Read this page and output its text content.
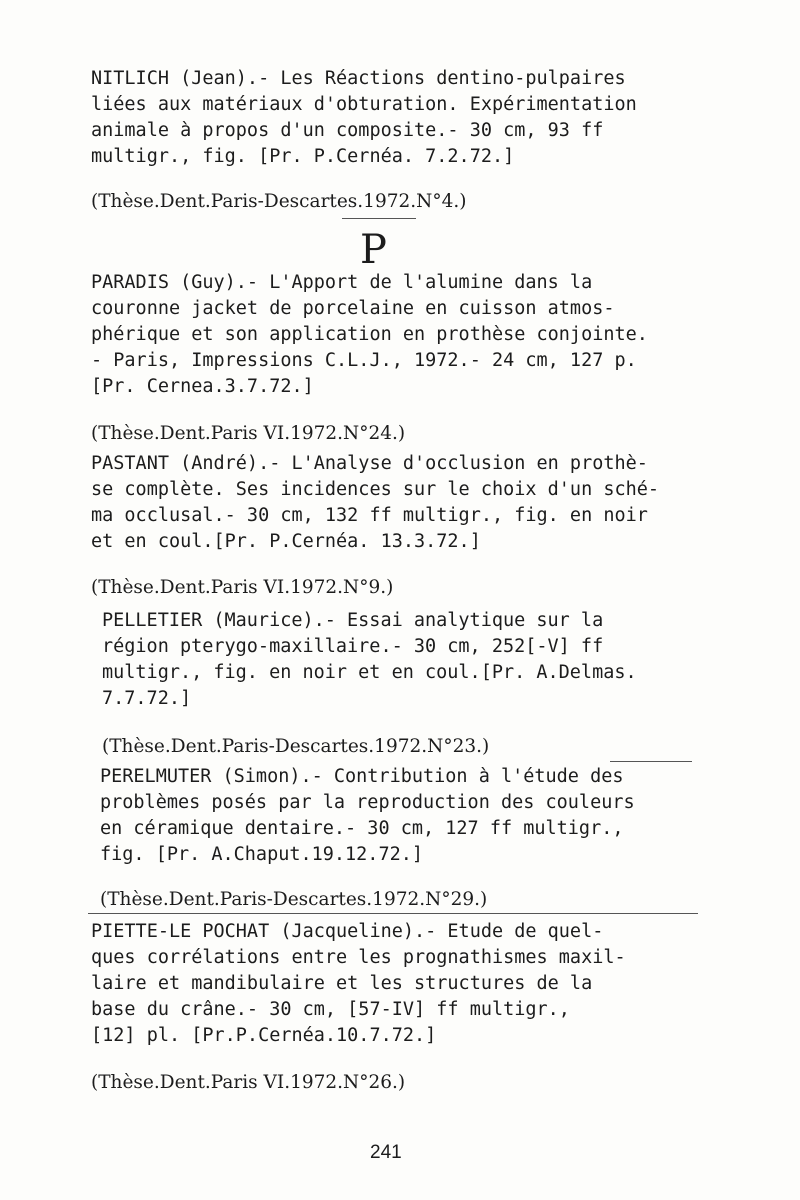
NITLICH (Jean).- Les Réactions dentino-pulpaires
liées aux matériaux d'obturation. Expérimentation
animale à propos d'un composite.- 30 cm, 93 ff
multigr., fig. [Pr. P.Cernéa. 7.2.72.]

(Thèse.Dent.Paris-Descartes.1972.N°4.)

P

PARADIS (Guy).- L'Apport de l'alumine dans la
couronne jacket de porcelaine en cuisson atmos-
phérique et son application en prothèse conjointe.
- Paris, Impressions C.L.J., 1972.- 24 cm, 127 p.
[Pr. Cernea.3.7.72.]

(Thèse.Dent.Paris VI.1972.N°24.)

PASTANT (André).- L'Analyse d'occlusion en prothè-
se complète. Ses incidences sur le choix d'un sché-
ma occlusal.- 30 cm, 132 ff multigr., fig. en noir
et en coul.[Pr. P.Cernéa. 13.3.72.]

(Thèse.Dent.Paris VI.1972.N°9.)

PELLETIER (Maurice).- Essai analytique sur la
région pterygo-maxillaire.- 30 cm, 252[-V] ff
multigr., fig. en noir et en coul.[Pr. A.Delmas.
7.7.72.]

(Thèse.Dent.Paris-Descartes.1972.N°23.)

PERELMUTER (Simon).- Contribution à l'étude des
problèmes posés par la reproduction des couleurs
en céramique dentaire.- 30 cm, 127 ff multigr.,
fig. [Pr. A.Chaput.19.12.72.]

(Thèse.Dent.Paris-Descartes.1972.N°29.)

PIETTE-LE POCHAT (Jacqueline).- Etude de quel-
ques corrélations entre les prognathismes maxil-
laire et mandibulaire et les structures de la
base du crâne.- 30 cm, [57-IV] ff multigr.,
[12] pl. [Pr.P.Cernéa.10.7.72.]

(Thèse.Dent.Paris VI.1972.N°26.)

241
